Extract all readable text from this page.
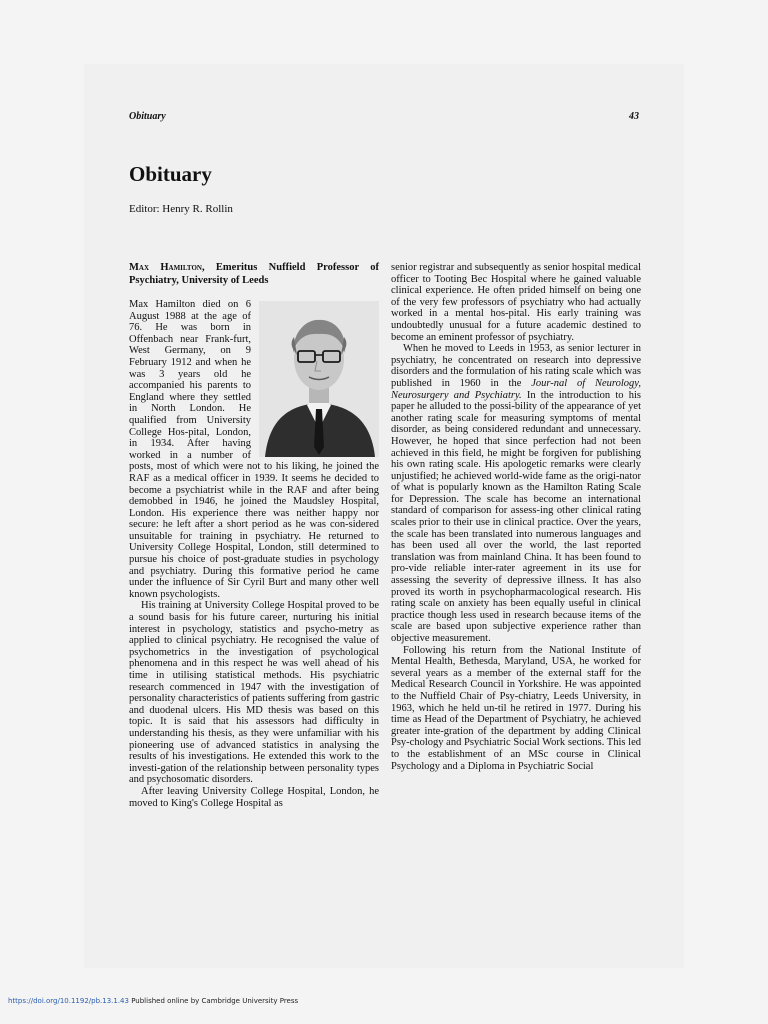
Obituary	43
Obituary
Editor: Henry R. Rollin
Max Hamilton, Emeritus Nuffield Professor of Psychiatry, University of Leeds

Max Hamilton died on 6 August 1988 at the age of 76. He was born in Offenbach near Frank-furt, West Germany, on 9 February 1912 and when he was 3 years old he accompanied his parents to England where they settled in North London. He qualified from University College Hos-pital, London, in 1934. After having worked in a number of posts, most of which were not to his liking, he joined the RAF as a medical officer in 1939. It seems he decided to become a psychiatrist while in the RAF and after being demobbed in 1946, he joined the Maudsley Hospital, London. His experience there was neither happy nor secure: he left after a short period as he was con-sidered unsuitable for training in psychiatry. He returned to University College Hospital, London, still determined to pursue his choice of post-graduate studies in psychology and psychiatry. During this formative period he came under the influence of Sir Cyril Burt and many other well known psychologists.

His training at University College Hospital proved to be a sound basis for his future career, nurturing his initial interest in psychology, statistics and psycho-metry as applied to clinical psychiatry. He recognised the value of psychometrics in the investigation of psychological phenomena and in this respect he was well ahead of his time in utilising statistical methods. His psychiatric research commenced in 1947 with the investigation of personality characteristics of patients suffering from gastric and duodenal ulcers. His MD thesis was based on this topic. It is said that his assessors had difficulty in understanding his thesis, as they were unfamiliar with his pioneering use of advanced statistics in analysing the results of his investigations. He extended this work to the investi-gation of the relationship between personality types and psychosomatic disorders.

After leaving University College Hospital, London, he moved to King's College Hospital as

senior registrar and subsequently as senior hospital medical officer to Tooting Bec Hospital where he gained valuable clinical experience. He often prided himself on being one of the very few professors of psychiatry who had actually worked in a mental hos-pital. His early training was undoubtedly unusual for a future academic destined to become an eminent professor of psychiatry.

When he moved to Leeds in 1953, as senior lecturer in psychiatry, he concentrated on research into depressive disorders and the formulation of his rating scale which was published in 1960 in the Jour-nal of Neurology, Neurosurgery and Psychiatry. In the introduction to his paper he alluded to the possi-bility of the appearance of yet another rating scale for measuring symptoms of mental disorder, as being considered redundant and unnecessary. However, he hoped that since perfection had not been achieved in this field, he might be forgiven for publishing his own rating scale. His apologetic remarks were clearly unjustified; he achieved world-wide fame as the origi-nator of what is popularly known as the Hamilton Rating Scale for Depression. The scale has become an international standard of comparison for assess-ing other clinical rating scales prior to their use in clinical practice. Over the years, the scale has been translated into numerous languages and has been used all over the world, the last reported translation was from mainland China. It has been found to pro-vide reliable inter-rater agreement in its use for assessing the severity of depressive illness. It has also proved its worth in psychopharmacological research. His rating scale on anxiety has been equally useful in clinical practice though less used in research because items of the scale are based upon subjective experience rather than objective measurement.

Following his return from the National Institute of Mental Health, Bethesda, Maryland, USA, he worked for several years as a member of the external staff for the Medical Research Council in Yorkshire. He was appointed to the Nuffield Chair of Psy-chiatry, Leeds University, in 1963, which he held un-til he retired in 1977. During his time as Head of the Department of Psychiatry, he achieved greater inte-gration of the department by adding Clinical Psy-chology and Psychiatric Social Work sections. This led to the establishment of an MSc course in Clinical Psychology and a Diploma in Psychiatric Social

https://doi.org/10.1192/pb.13.1.43 Published online by Cambridge University Press
